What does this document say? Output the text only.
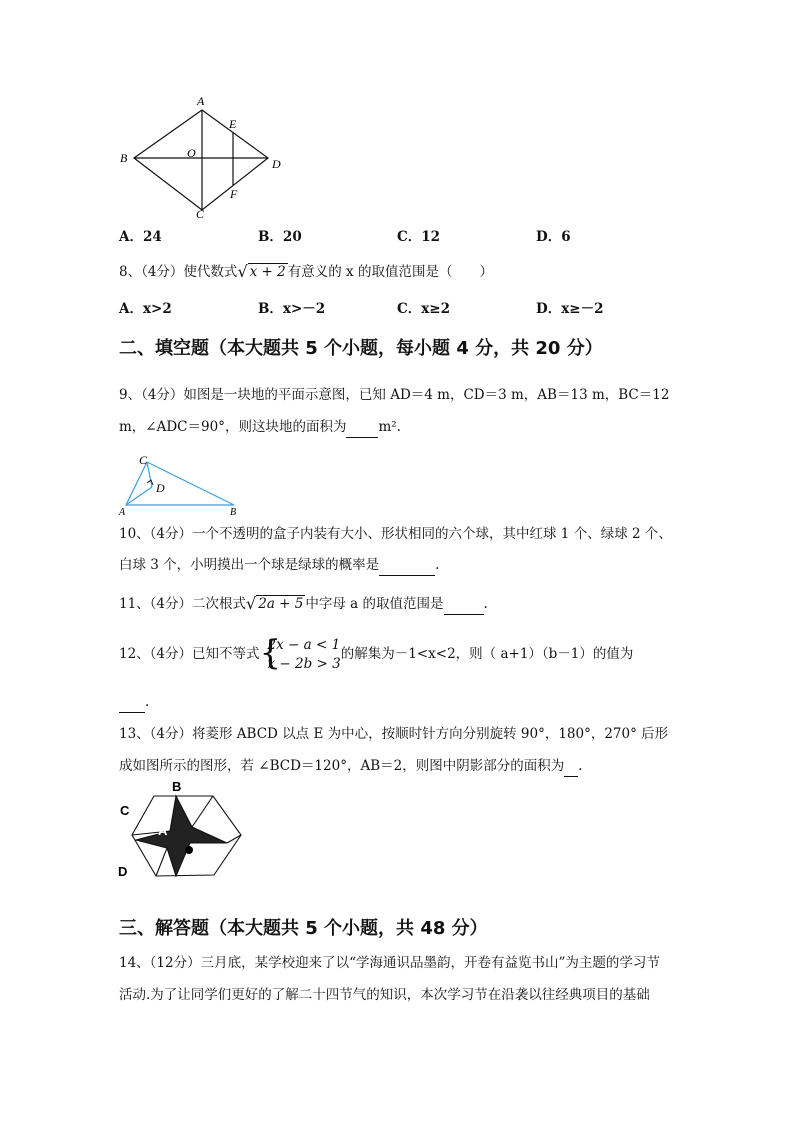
A
E
B	O
D
F
C
A．24	B．20	C．12	D．6
8、（4分）使代数式√ x + 2 有意义的 x 的取值范围是（　　）
A．x>2	B．x>－2	C．x≥2	D．x≥－2
二、填空题（本大题共 5 个小题，每小题 4 分，共 20 分）
9、（4分）如图是一块地的平面示意图，已知 AD＝4 m，CD＝3 m，AB＝13 m，BC＝12
m，∠ADC＝90°，则这块地的面积为 m².
C
D
A	B
10、（4分）一个不透明的盒子内装有大小、形状相同的六个球，其中红球 1 个、绿球 2 个、
白球 3 个，小明摸出一个球是绿球的概率是	.
11、（4分）二次根式√ 2a + 5 中字母 a 的取值范围是	.
12、（4分）已知不等式 {
2x − a < 1
x − 2b > 3
的解集为－1<x<2，则（ a+1）（b－1）的值为
.
13、（4分）将菱形 ABCD 以点 E 为中心，按顺时针方向分别旋转 90°，180°，270° 后形
成如图所示的图形，若 ∠BCD＝120°，AB＝2，则图中阴影部分的面积为 .
B
C
A
E
D
三、解答题（本大题共 5 个小题，共 48 分）
14、（12分）三月底，某学校迎来了以“学海通识品墨韵，开卷有益览书山”为主题的学习节
活动.为了让同学们更好的了解二十四节气的知识，本次学习节在沿袭以往经典项目的基础
